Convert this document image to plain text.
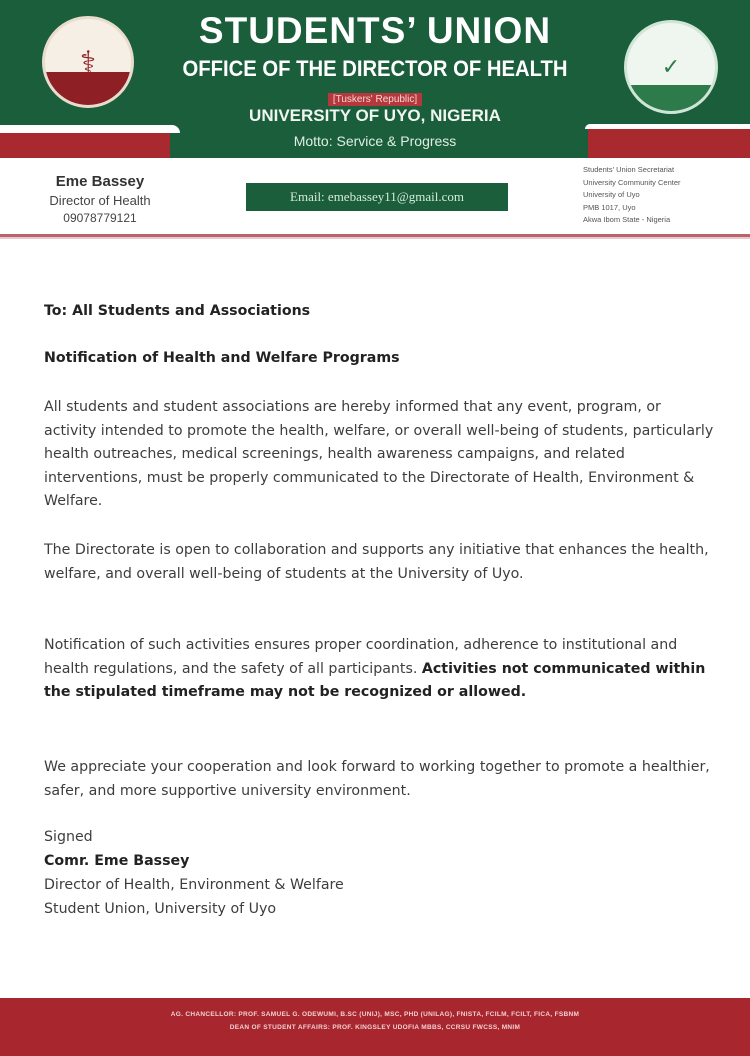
⚕	✓
STUDENTS’ UNION
OFFICE OF THE DIRECTOR OF HEALTH
[Tuskers' Republic]
UNIVERSITY OF UYO, NIGERIA
Motto: Service & Progress
Eme Bassey
Director of Health
09078779121
Email: emebassey11@gmail.com
Students' Union Secretariat
University Community Center
University of Uyo
PMB 1017, Uyo
Akwa Ibom State - Nigeria
To: All Students and Associations
Notification of Health and Welfare Programs
All students and student associations are hereby informed that any event, program, or activity intended to promote the health, welfare, or overall well-being of students, particularly health outreaches, medical screenings, health awareness campaigns, and related interventions, must be properly communicated to the Directorate of Health, Environment & Welfare.
The Directorate is open to collaboration and supports any initiative that enhances the health, welfare, and overall well-being of students at the University of Uyo.
Notification of such activities ensures proper coordination, adherence to institutional and health regulations, and the safety of all participants. Activities not communicated within the stipulated timeframe may not be recognized or allowed.
We appreciate your cooperation and look forward to working together to promote a healthier, safer, and more supportive university environment.
Signed
Comr. Eme Bassey
Director of Health, Environment & Welfare
Student Union, University of Uyo
AG. CHANCELLOR: PROF. SAMUEL G. ODEWUMI, B.SC (UNIJ), MSC, PHD (UNILAG), FNISTA, FCILM, FCILT, FICA, FSBNM
DEAN OF STUDENT AFFAIRS: PROF. KINGSLEY UDOFIA MBBS, CCRSU FWCSS, MNIM
